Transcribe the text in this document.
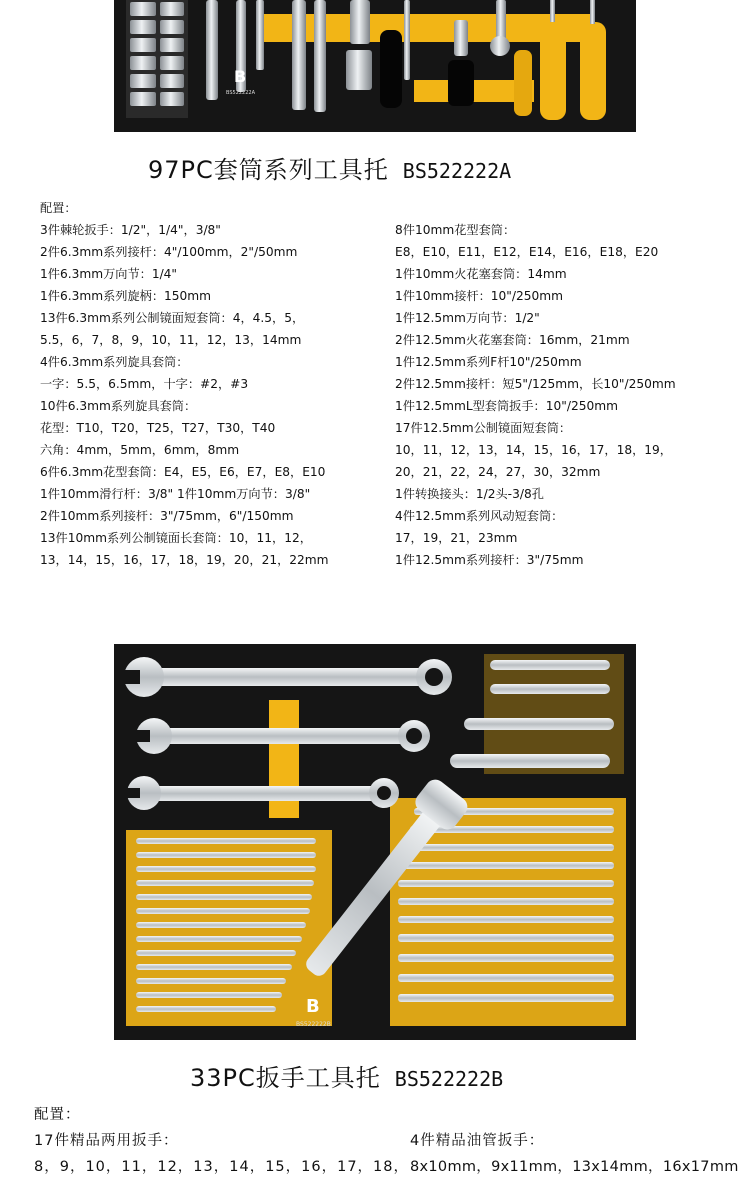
B
BS522222A
97PC套筒系列工具托 BS522222A
配置：
3件棘轮扳手：1/2"，1/4"，3/8"
2件6.3mm系列接杆：4"/100mm，2"/50mm
1件6.3mm万向节：1/4"
1件6.3mm系列旋柄：150mm
13件6.3mm系列公制镜面短套筒：4，4.5，5，
5.5，6，7，8，9，10，11，12，13，14mm
4件6.3mm系列旋具套筒：
一字：5.5，6.5mm，十字：#2，#3
10件6.3mm系列旋具套筒：
花型：T10，T20，T25，T27，T30，T40
六角：4mm，5mm，6mm，8mm
6件6.3mm花型套筒：E4，E5，E6，E7，E8，E10
1件10mm滑行杆：3/8" 1件10mm万向节：3/8"
2件10mm系列接杆：3"/75mm，6"/150mm
13件10mm系列公制镜面长套筒：10，11，12，
13，14，15，16，17，18，19，20，21，22mm
8件10mm花型套筒：
E8，E10，E11，E12，E14，E16，E18，E20
1件10mm火花塞套筒：14mm
1件10mm接杆：10"/250mm
1件12.5mm万向节：1/2"
2件12.5mm火花塞套筒：16mm，21mm
1件12.5mm系列F杆10"/250mm
2件12.5mm接杆：短5"/125mm，长10"/250mm
1件12.5mmL型套筒扳手：10"/250mm
17件12.5mm公制镜面短套筒：
10，11，12，13，14，15，16，17，18，19，
20，21，22，24，27，30，32mm
1件转换接头：1/2头-3/8孔
4件12.5mm系列风动短套筒：
17，19，21，23mm
1件12.5mm系列接杆：3"/75mm
B
BS522222B
33PC扳手工具托 BS522222B
配置：
17件精品两用扳手：
8，9，10，11，12，13，14，15，16，17，18，
4件精品油管扳手：
8x10mm，9x11mm，13x14mm，16x17mm
